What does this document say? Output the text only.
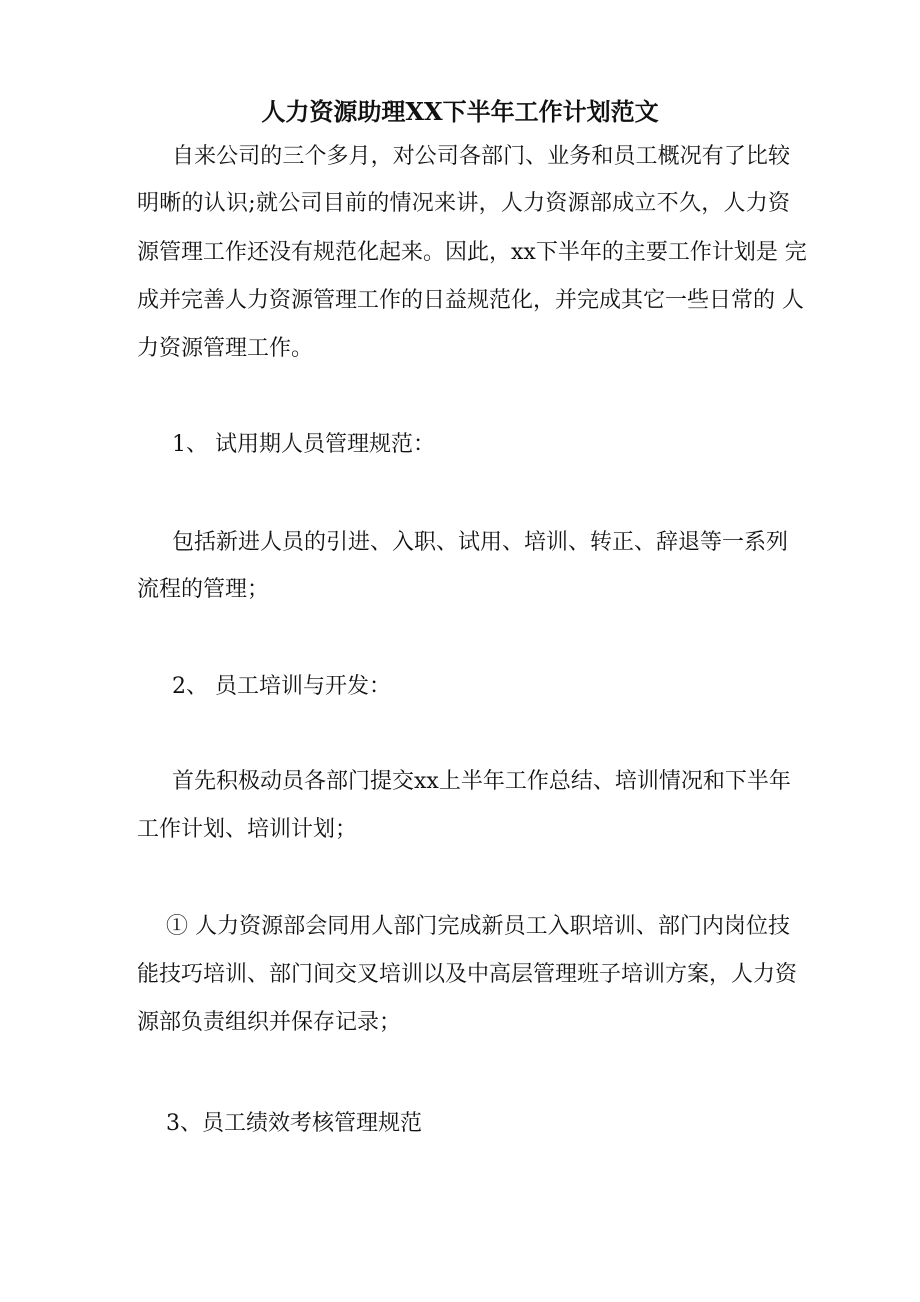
人力资源助理XX下半年工作计划范文
自来公司的三个多月，对公司各部门、业务和员工概况有了比较
明晰的认识;就公司目前的情况来讲，人力资源部成立不久，人力资
源管理工作还没有规范化起来。因此，xx下半年的主要工作计划是 完
成并完善人力资源管理工作的日益规范化，并完成其它一些日常的 人
力资源管理工作。
1、 试用期人员管理规范：
包括新进人员的引进、入职、试用、培训、转正、辞退等一系列
流程的管理；
2、 员工培训与开发：
首先积极动员各部门提交xx上半年工作总结、培训情况和下半年
工作计划、培训计划；
① 人力资源部会同用人部门完成新员工入职培训、部门内岗位技
能技巧培训、部门间交叉培训以及中高层管理班子培训方案，人力资
源部负责组织并保存记录；
3、员工绩效考核管理规范
